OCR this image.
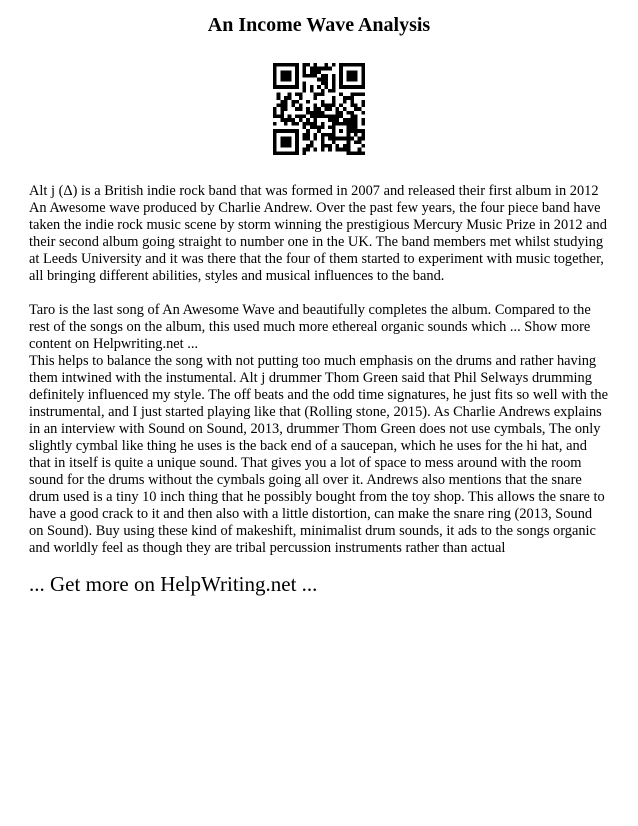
An Income Wave Analysis

Alt j (Δ) is a British indie rock band that was formed in 2007 and released their first album in 2012 An Awesome wave produced by Charlie Andrew. Over the past few years, the four piece band have taken the indie rock music scene by storm winning the prestigious Mercury Music Prize in 2012 and their second album going straight to number one in the UK. The band members met whilst studying at Leeds University and it was there that the four of them started to experiment with music together, all bringing different abilities, styles and musical influences to the band.

Taro is the last song of An Awesome Wave and beautifully completes the album. Compared to the rest of the songs on the album, this used much more ethereal organic sounds which ... Show more content on Helpwriting.net ...

This helps to balance the song with not putting too much emphasis on the drums and rather having them intwined with the instumental. Alt j drummer Thom Green said that Phil Selways drumming definitely influenced my style. The off beats and the odd time signatures, he just fits so well with the instrumental, and I just started playing like that (Rolling stone, 2015). As Charlie Andrews explains in an interview with Sound on Sound, 2013, drummer Thom Green does not use cymbals, The only slightly cymbal like thing he uses is the back end of a saucepan, which he uses for the hi hat, and that in itself is quite a unique sound. That gives you a lot of space to mess around with the room sound for the drums without the cymbals going all over it. Andrews also mentions that the snare drum used is a tiny 10 inch thing that he possibly bought from the toy shop. This allows the snare to have a good crack to it and then also with a little distortion, can make the snare ring (2013, Sound on Sound). Buy using these kind of makeshift, minimalist drum sounds, it ads to the songs organic and worldly feel as though they are tribal percussion instruments rather than actual

... Get more on HelpWriting.net ...
